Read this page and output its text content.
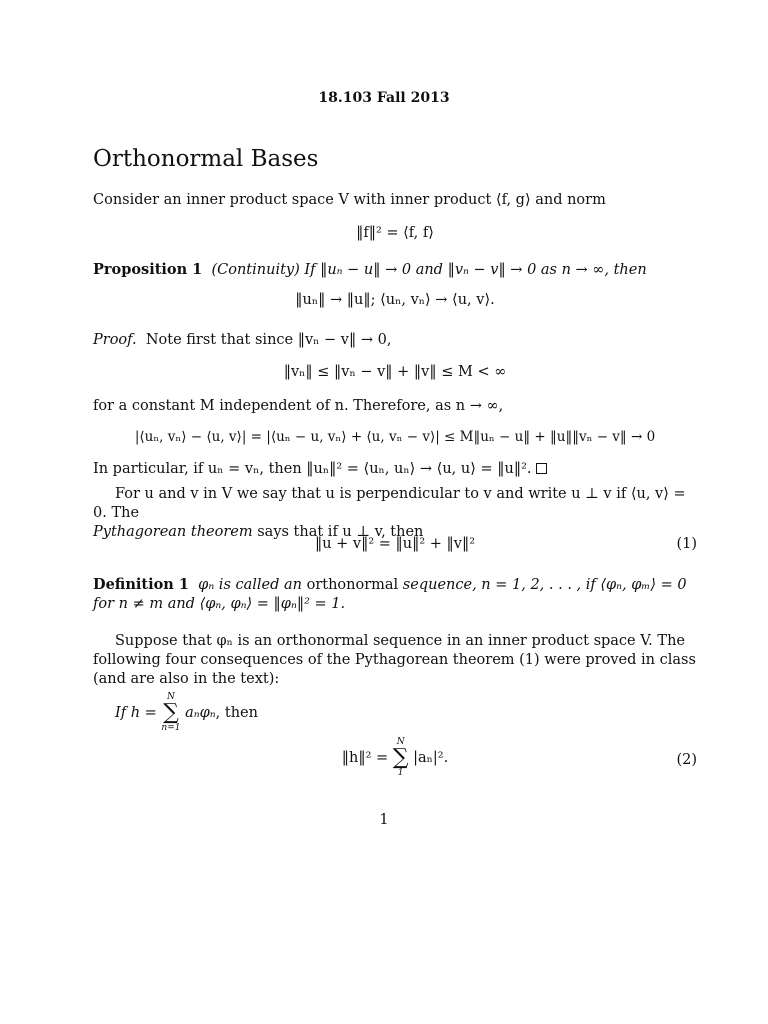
18.103 Fall 2013
Orthonormal Bases

Consider an inner product space V with inner product ⟨f, g⟩ and norm

‖f‖² = ⟨f, f⟩

Proposition 1 (Continuity) If ‖uₙ − u‖ → 0 and ‖vₙ − v‖ → 0 as n → ∞, then

‖uₙ‖ → ‖u‖; ⟨uₙ, vₙ⟩ → ⟨u, v⟩.

Proof. Note first that since ‖vₙ − v‖ → 0,

‖vₙ‖ ≤ ‖vₙ − v‖ + ‖v‖ ≤ M < ∞

for a constant M independent of n. Therefore, as n → ∞,

|⟨uₙ, vₙ⟩ − ⟨u, v⟩| = |⟨uₙ − u, vₙ⟩ + ⟨u, vₙ − v⟩| ≤ M‖uₙ − u‖ + ‖u‖‖vₙ − v‖ → 0

In particular, if uₙ = vₙ, then ‖uₙ‖² = ⟨uₙ, uₙ⟩ → ⟨u, u⟩ = ‖u‖².

For u and v in V we say that u is perpendicular to v and write u ⊥ v if ⟨u, v⟩ = 0. The
Pythagorean theorem says that if u ⊥ v, then

‖u + v‖² = ‖u‖² + ‖v‖²	(1)

Definition 1 φₙ is called an orthonormal sequence, n = 1, 2, . . . , if ⟨φₙ, φₘ⟩ = 0 for n ≠ m and ⟨φₙ, φₙ⟩ = ‖φₙ‖² = 1.

Suppose that φₙ is an orthonormal sequence in an inner product space V. The following four consequences of the Pythagorean theorem (1) were proved in class (and are also in the text):

If h =
N
∑
n=1
aₙφₙ, then
‖h‖² =
N
∑
1
|aₙ|².	(2)
1
